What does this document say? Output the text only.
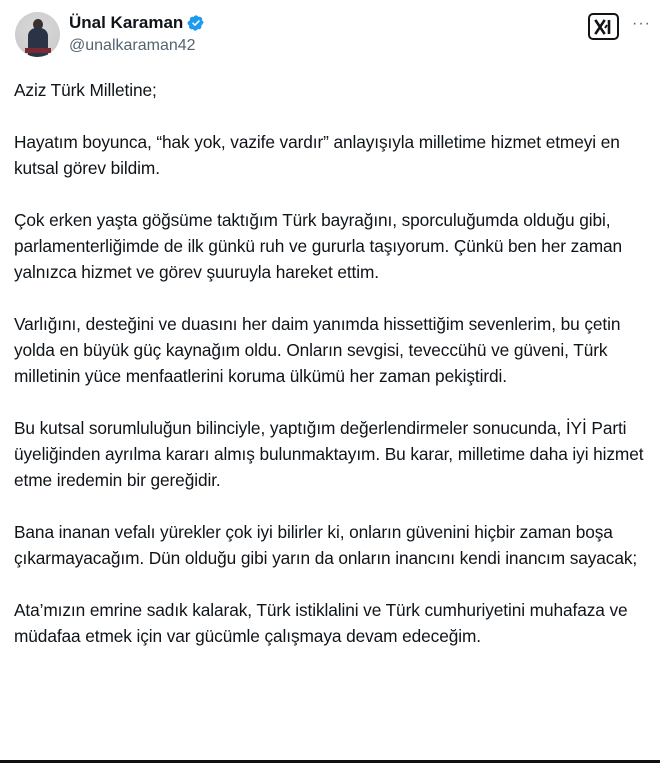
Ünal Karaman
@unalkaraman42
···

Aziz Türk Milletine;

Hayatım boyunca, “hak yok, vazife vardır” anlayışıyla milletime hizmet etmeyi en kutsal görev bildim.

Çok erken yaşta göğsüme taktığım Türk bayrağını, sporculuğumda olduğu gibi, parlamenterliğimde de ilk günkü ruh ve gururla taşıyorum. Çünkü ben her zaman yalnızca hizmet ve görev şuuruyla hareket ettim.

Varlığını, desteğini ve duasını her daim yanımda hissettiğim sevenlerim, bu çetin yolda en büyük güç kaynağım oldu. Onların sevgisi, teveccühü ve güveni, Türk milletinin yüce menfaatlerini koruma ülkümü her zaman pekiştirdi.

Bu kutsal sorumluluğun bilinciyle, yaptığım değerlendirmeler sonucunda, İYİ Parti üyeliğinden ayrılma kararı almış bulunmaktayım. Bu karar, milletime daha iyi hizmet etme iredemin bir gereğidir.

Bana inanan vefalı yürekler çok iyi bilirler ki, onların güvenini hiçbir zaman boşa çıkarmayacağım. Dün olduğu gibi yarın da onların inancını kendi inancım sayacak;

Ata’mızın emrine sadık kalarak, Türk istiklalini ve Türk cumhuriyetini muhafaza ve müdafaa etmek için var gücümle çalışmaya devam edeceğim.
